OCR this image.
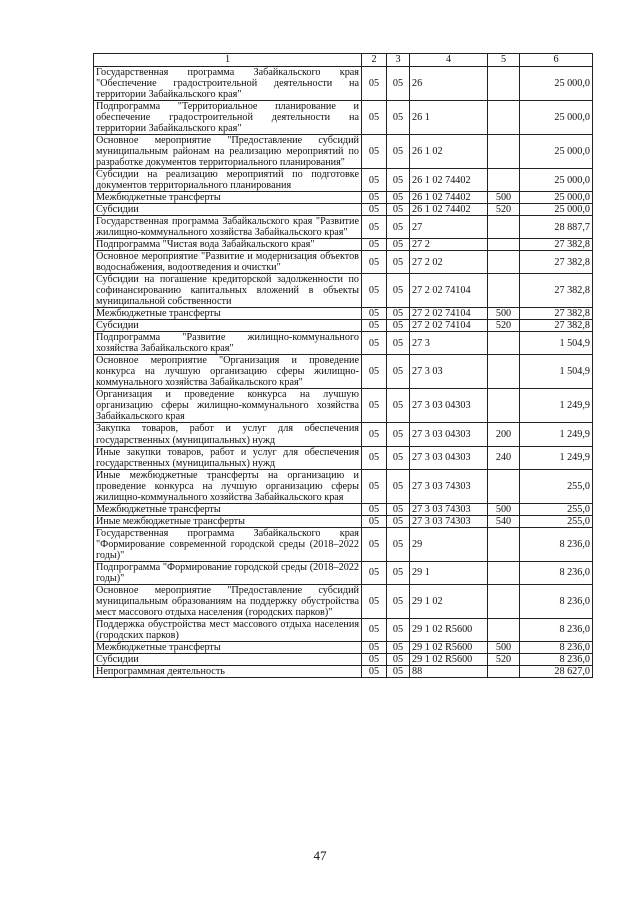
1	2	3	4	5	6
Государственная программа Забайкальского края "Обеспечение градостроительной деятельности на территории Забайкальского края"	05	05	26		25 000,0
Подпрограмма "Территориальное планирование и обеспечение градостроительной деятельности на территории Забайкальского края"	05	05	26 1		25 000,0
Основное мероприятие "Предоставление субсидий муниципальным районам на реализацию мероприятий по разработке документов территориального планирования"	05	05	26 1 02		25 000,0
Субсидии на реализацию мероприятий по подготовке документов территориального планирования	05	05	26 1 02 74402		25 000,0
Межбюджетные трансферты	05	05	26 1 02 74402	500	25 000,0
Субсидии	05	05	26 1 02 74402	520	25 000,0
Государственная программа Забайкальского края "Развитие жилищно-коммунального хозяйства Забайкальского края"	05	05	27		28 887,7
Подпрограмма "Чистая вода Забайкальского края"	05	05	27 2		27 382,8
Основное мероприятие "Развитие и модернизация объектов водоснабжения, водоотведения и очистки"	05	05	27 2 02		27 382,8
Субсидии на погашение кредиторской задолженности по софинансированию капитальных вложений в объекты муниципальной собственности	05	05	27 2 02 74104		27 382,8
Межбюджетные трансферты	05	05	27 2 02 74104	500	27 382,8
Субсидии	05	05	27 2 02 74104	520	27 382,8
Подпрограмма "Развитие жилищно-коммунального хозяйства Забайкальского края"	05	05	27 3		1 504,9
Основное мероприятие "Организация и проведение конкурса на лучшую организацию сферы жилищно-коммунального хозяйства Забайкальского края"	05	05	27 3 03		1 504,9
Организация и проведение конкурса на лучшую организацию сферы жилищно-коммунального хозяйства Забайкальского края	05	05	27 3 03 04303		1 249,9
Закупка товаров, работ и услуг для обеспечения государственных (муниципальных) нужд	05	05	27 3 03 04303	200	1 249,9
Иные закупки товаров, работ и услуг для обеспечения государственных (муниципальных) нужд	05	05	27 3 03 04303	240	1 249,9
Иные межбюджетные трансферты на организацию и проведение конкурса на лучшую организацию сферы жилищно-коммунального хозяйства Забайкальского края	05	05	27 3 03 74303		255,0
Межбюджетные трансферты	05	05	27 3 03 74303	500	255,0
Иные межбюджетные трансферты	05	05	27 3 03 74303	540	255,0
Государственная программа Забайкальского края "Формирование современной городской среды (2018–2022 годы)"	05	05	29		8 236,0
Подпрограмма "Формирование городской среды (2018–2022 годы)"	05	05	29 1		8 236,0
Основное мероприятие "Предоставление субсидий муниципальным образованиям на поддержку обустройства мест массового отдыха населения (городских парков)"	05	05	29 1 02		8 236,0
Поддержка обустройства мест массового отдыха населения (городских парков)	05	05	29 1 02 R5600		8 236,0
Межбюджетные трансферты	05	05	29 1 02 R5600	500	8 236,0
Субсидии	05	05	29 1 02 R5600	520	8 236,0
Непрограммная деятельность	05	05	88		28 627,0
47
